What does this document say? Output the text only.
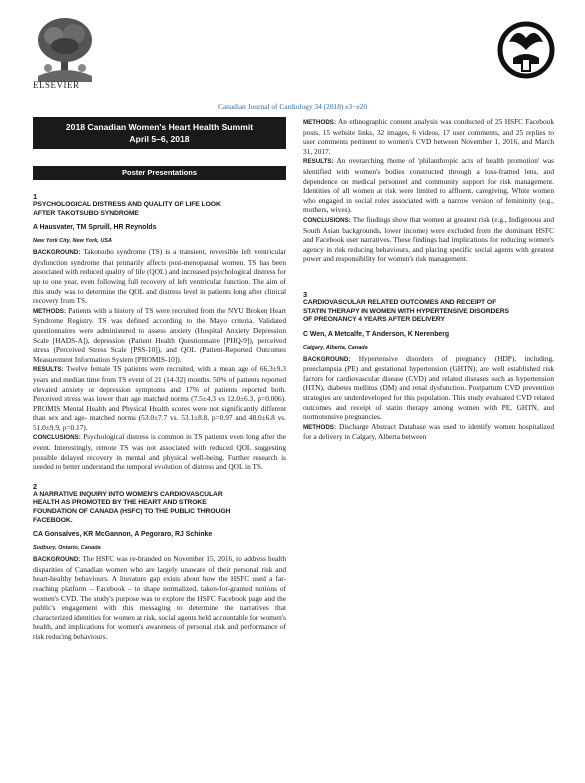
ELSEVIER
Canadian Journal of Cardiology 34 (2018) e3−e20
2018 Canadian Women's Heart Health Summit
April 5–6, 2018
Poster Presentations
1
PSYCHOLOGICAL DISTRESS AND QUALITY OF LIFE LOOK AFTER TAKOTSUBO SYNDROME
A Hausvater, TM Spruill, HR Reynolds
New York City, New York, USA

BACKGROUND: Takotsubo syndrome (TS) is a transient, reversible left ventricular dysfunction syndrome that primarily affects post-menopausal women. TS has been associated with reduced quality of life (QOL) and increased psychological distress for up to one year, even following full recovery of left ventricular function. The aim of this study was to determine the QOL and distress level in patients long after clinical recovery from TS.

METHODS: Patients with a history of TS were recruited from the NYU Broken Heart Syndrome Registry. TS was defined according to the Mayo criteria. Validated questionnaires were administered to assess anxiety (Hospital Anxiety Depression Scale [HADS-A]), depression (Patient Health Questionnaire [PHQ-9]), perceived stress (Perceived Stress Scale [PSS-10]), and QOL (Patient-Reported Outcomes Measurement Information System [PROMIS-10]).

RESULTS: Twelve female TS patients were recruited, with a mean age of 66.3±9.3 years and median time from TS event of 21 (14-32) months. 50% of patients reported elevated anxiety or depression symptoms and 17% of patients reported both. Perceived stress was lower than age matched norms (7.5±4.3 vs 12.0±6.3, p=0.006). PROMIS Mental Health and Physical Health scores were not significantly different than sex and age- matched norms (53.0±7.7 vs. 53.1±8.8, p=0.97 and 48.0±6.8 vs. 51.0±9.9, p=0.17).

CONCLUSIONS: Psychological distress is common in TS patients even long after the event. Interestingly, remote TS was not associated with reduced QOL suggesting possible delayed recovery in mental and physical well-being. Further research is needed to better understand the temporal evolution of distress and QOL in TS.

2
A NARRATIVE INQUIRY INTO WOMEN'S CARDIOVASCULAR HEALTH AS PROMOTED BY THE HEART AND STROKE FOUNDATION OF CANADA (HSFC) TO THE PUBLIC THROUGH FACEBOOK.
CA Gonsalves, KR McGannon, A Pegoraro, RJ Schinke
Sudbury, Ontario, Canada

BACKGROUND: The HSFC was re-branded on November 15, 2016, to address health disparities of Canadian women who are largely unaware of their personal risk and heart-healthy behaviours. A literature gap exists about how the HSFC used a far-reaching platform – Facebook – to shape normalized, taken-for-granted notions of women's CVD. The study's purpose was to explore the HSFC Facebook page and the public's engagement with this messaging to determine the narratives that characterized identities for women at risk, social agents held accountable for women's health, and implications for women's awareness of personal risk and performance of risk reducing behaviours.

METHODS: An ethnographic content analysis was conducted of 25 HSFC Facebook posts, 15 website links, 32 images, 6 videos, 17 user comments, and 25 replies to user comments pertinent to women's CVD between November 1, 2016, and March 31, 2017.

RESULTS: An overarching theme of 'philanthropic acts of health promotion' was identified with women's bodies constructed through a loss-framed lens, and dependence on medical personnel and community support for risk management. Identities of all women at risk were limited to affluent, caregiving, White women who engaged in social roles associated with a narrow version of femininity (e.g., mothers, wives).

CONCLUSIONS: The findings show that women at greatest risk (e.g., Indigenous and South Asian backgrounds, lower income) were excluded from the dominant HSFC and Facebook user narratives. These findings had implications for reducing women's agency in risk reducing behaviours, and placing specific social agents with greatest power and responsibility for women's risk management.

3
CARDIOVASCULAR RELATED OUTCOMES AND RECEIPT OF STATIN THERAPY IN WOMEN WITH HYPERTENSIVE DISORDERS OF PREGNANCY 4 YEARS AFTER DELIVERY
C Wen, A Metcalfe, T Anderson, K Nerenberg
Calgary, Alberta, Canada

BACKGROUND: Hypertensive disorders of pregnancy (HDP), including, preeclampsia (PE) and gestational hypertension (GHTN), are well established risk factors for cardiovascular disease (CVD) and related diseases such as hypertension (HTN), diabetes mellitus (DM) and renal dysfunction. Postpartum CVD prevention strategies are underdeveloped for this population. This study evaluated CVD related outcomes and receipt of statin therapy among women with PE, GHTN, and normotensive pregnancies.

METHODS: Discharge Abstract Database was used to identify women hospitalized for a delivery in Calgary, Alberta between
